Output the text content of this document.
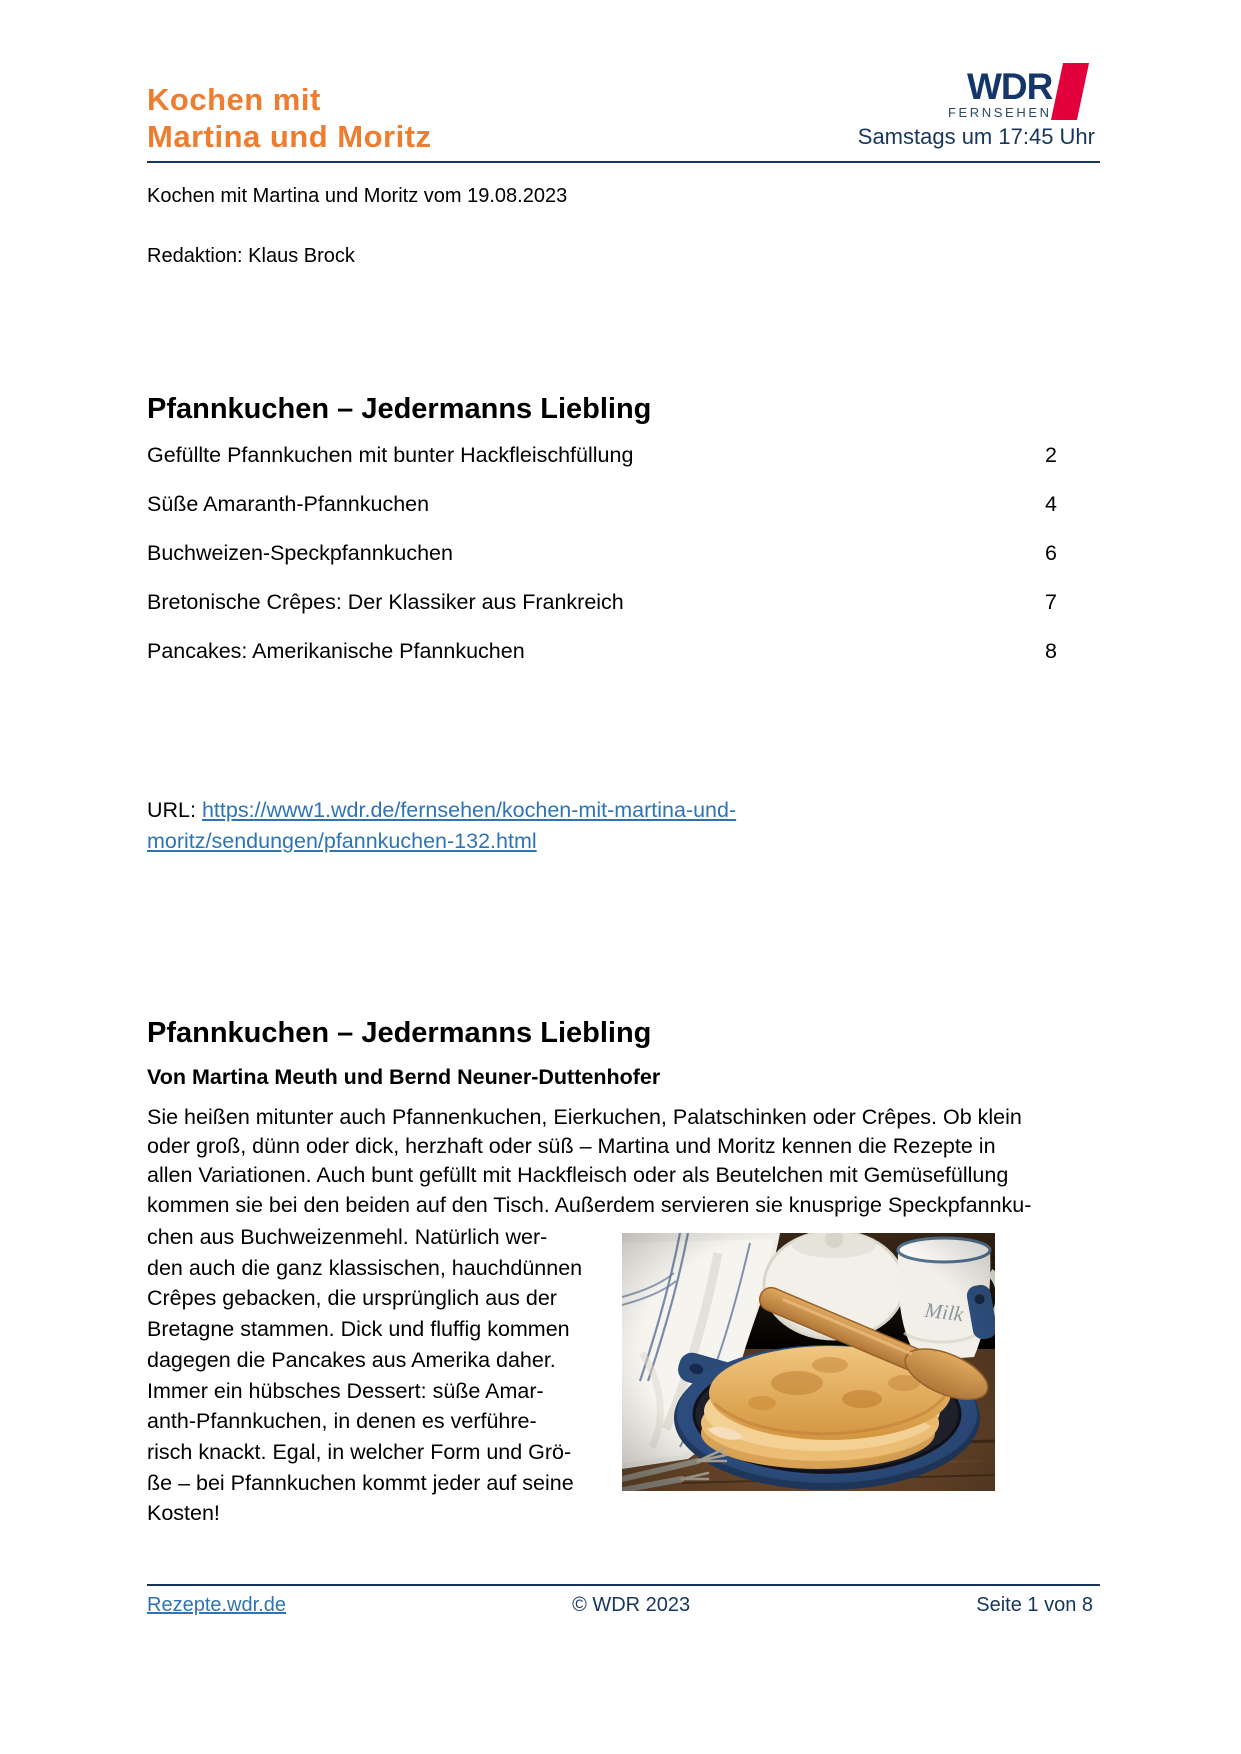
Kochen mit
Martina und Moritz
WDR
FERNSEHEN
Samstags um 17:45 Uhr
Kochen mit Martina und Moritz vom 19.08.2023
Redaktion: Klaus Brock
Pfannkuchen – Jedermanns Liebling
Gefüllte Pfannkuchen mit bunter Hackfleischfüllung	2
Süße Amaranth-Pfannkuchen	4
Buchweizen-Speckpfannkuchen	6
Bretonische Crêpes: Der Klassiker aus Frankreich	7
Pancakes: Amerikanische Pfannkuchen	8
URL: https://www1.wdr.de/fernsehen/kochen-mit-martina-und-
moritz/sendungen/pfannkuchen-132.html
Pfannkuchen – Jedermanns Liebling
Von Martina Meuth und Bernd Neuner-Duttenhofer
Sie heißen mitunter auch Pfannenkuchen, Eierkuchen, Palatschinken oder Crêpes. Ob klein
oder groß, dünn oder dick, herzhaft oder süß – Martina und Moritz kennen die Rezepte in
allen Variationen. Auch bunt gefüllt mit Hackfleisch oder als Beutelchen mit Gemüsefüllung
kommen sie bei den beiden auf den Tisch. Außerdem servieren sie knusprige Speckpfannku-
chen aus Buchweizenmehl. Natürlich wer-
den auch die ganz klassischen, hauchdünnen
Crêpes gebacken, die ursprünglich aus der
Bretagne stammen. Dick und fluffig kommen
dagegen die Pancakes aus Amerika daher.
Immer ein hübsches Dessert: süße Amar-
anth-Pfannkuchen, in denen es verführe-
risch knackt. Egal, in welcher Form und Grö-
ße – bei Pfannkuchen kommt jeder auf seine
Kosten!
Rezepte.wdr.de	© WDR 2023	Seite 1 von 8
